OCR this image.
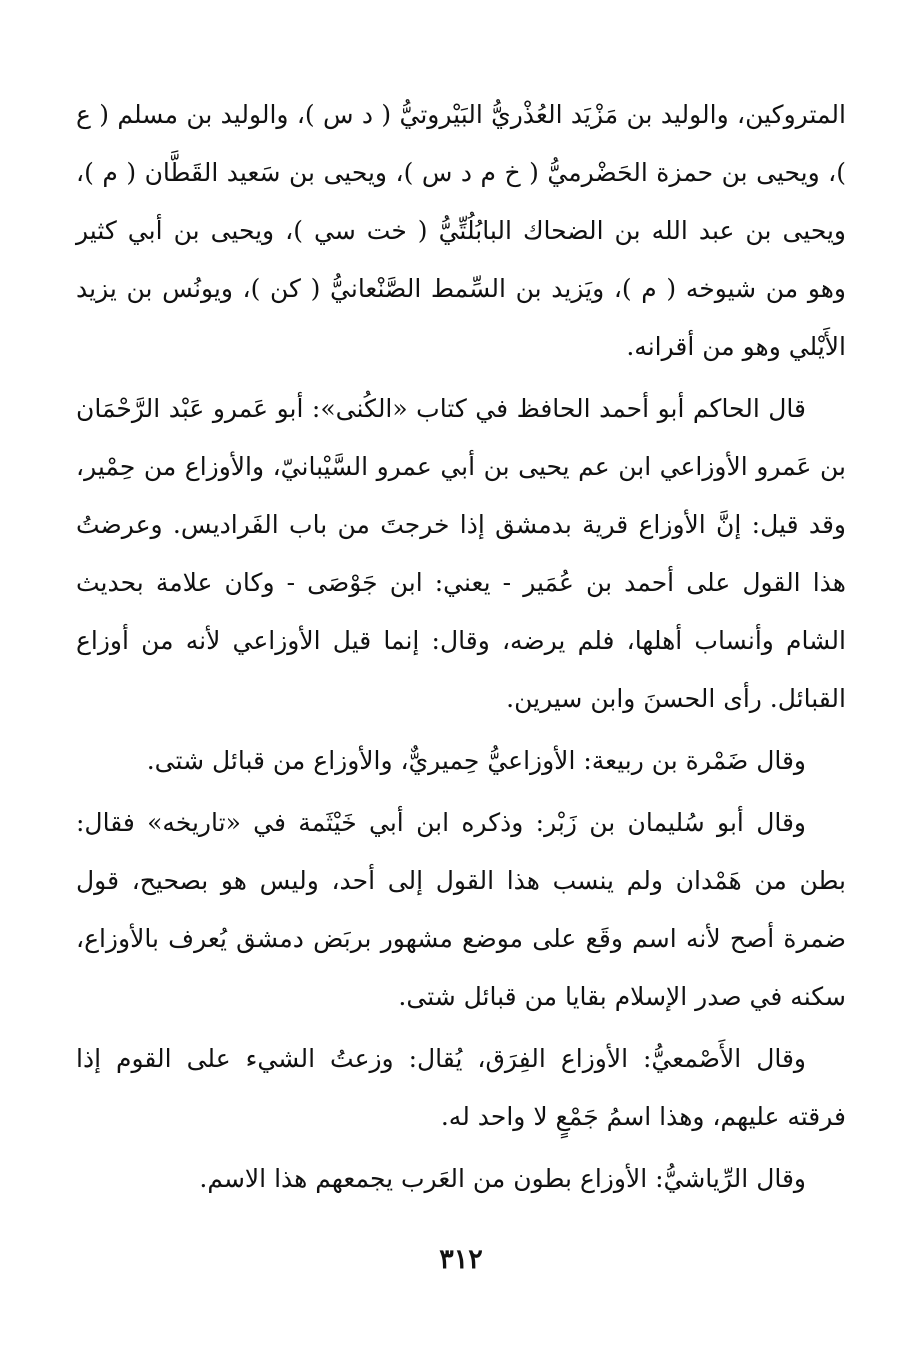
المتروكين، والوليد بن مَزْيَد العُذْريُّ البَيْروتيُّ ( د س )، والوليد بن مسلم ( ع )، ويحيى بن حمزة الحَضْرميُّ ( خ م د س )، ويحيى بن سَعيد القَطَّان ( م )، ويحيى بن عبد الله بن الضحاك البابُلُتِّيُّ ( خت سي )، ويحيى بن أبي كثير وهو من شيوخه ( م )، ويَزيد بن السِّمط الصَّنْعانيُّ ( كن )، ويونُس بن يزيد الأَيْلي وهو من أقرانه.

قال الحاكم أبو أحمد الحافظ في كتاب «الكُنى»: أبو عَمرو عَبْد الرَّحْمَان بن عَمرو الأوزاعي ابن عم يحيى بن أبي عمرو السَّيْبانيّ، والأوزاع من حِمْير، وقد قيل: إنَّ الأوزاع قرية بدمشق إذا خرجتَ من باب الفَراديس. وعرضتُ هذا القول على أحمد بن عُمَير - يعني: ابن جَوْصَى - وكان علامة بحديث الشام وأنساب أهلها، فلم يرضه، وقال: إنما قيل الأوزاعي لأنه من أوزاع القبائل. رأى الحسنَ وابن سيرين.

وقال ضَمْرة بن ربيعة: الأوزاعيُّ حِميريٌّ، والأوزاع من قبائل شتى.

وقال أبو سُليمان بن زَبْر: وذكره ابن أبي خَيْثَمة في «تاريخه» فقال: بطن من هَمْدان ولم ينسب هذا القول إلى أحد، وليس هو بصحيح، قول ضمرة أصح لأنه اسم وقَع على موضع مشهور بربَض دمشق يُعرف بالأوزاع، سكنه في صدر الإسلام بقايا من قبائل شتى.

وقال الأَصْمعيُّ: الأوزاع الفِرَق، يُقال: وزعتُ الشيء على القوم إذا فرقته عليهم، وهذا اسمُ جَمْعٍ لا واحد له.

وقال الرِّياشيُّ: الأوزاع بطون من العَرب يجمعهم هذا الاسم.

٣١٢
